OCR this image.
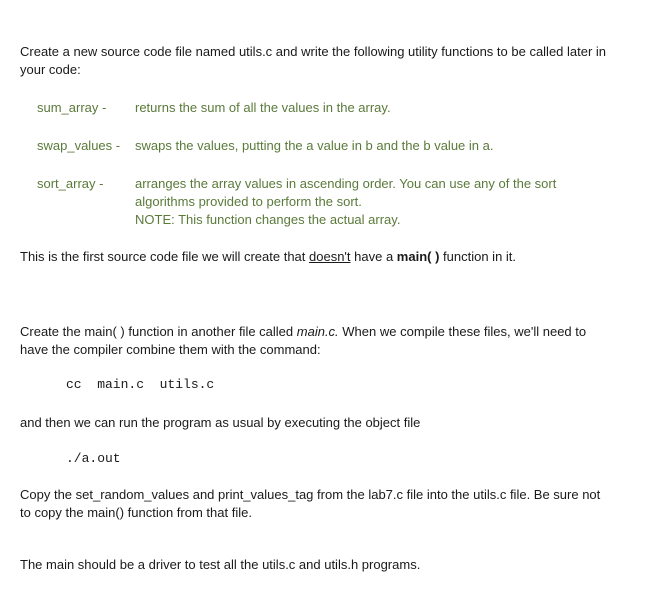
Create a new source code file named utils.c and write the following utility functions to be called later in your code:

sum_array - returns the sum of all the values in the array.
swap_values - swaps the values, putting the a value in b and the b value in a.
sort_array - arranges the array values in ascending order. You can use any of the sort
algorithms provided to perform the sort.
NOTE: This function changes the actual array.

This is the first source code file we will create that doesn't have a main( ) function in it.

Create the main( ) function in another file called main.c. When we compile these files, we'll need to have the compiler combine them with the command:

cc  main.c  utils.c

and then we can run the program as usual by executing the object file

./a.out

Copy the set_random_values and print_values_tag from the lab7.c file into the utils.c file. Be sure not to copy the main() function from that file.

The main should be a driver to test all the utils.c and utils.h programs.
